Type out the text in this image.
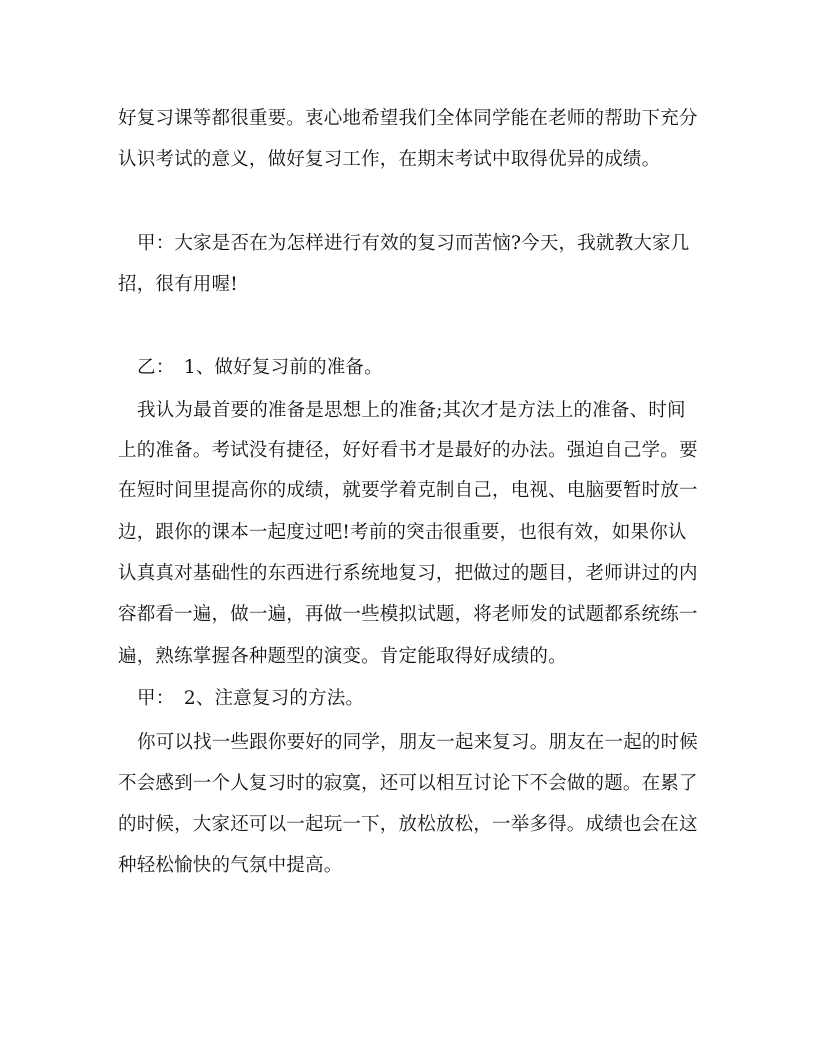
好复习课等都很重要。衷心地希望我们全体同学能在老师的帮助下充分
认识考试的意义，做好复习工作，在期末考试中取得优异的成绩。
甲：大家是否在为怎样进行有效的复习而苦恼?今天，我就教大家几
招，很有用喔!
乙：　1、做好复习前的准备。
我认为最首要的准备是思想上的准备;其次才是方法上的准备、时间
上的准备。考试没有捷径，好好看书才是最好的办法。强迫自己学。要
在短时间里提高你的成绩，就要学着克制自己，电视、电脑要暂时放一
边，跟你的课本一起度过吧!考前的突击很重要，也很有效，如果你认
认真真对基础性的东西进行系统地复习，把做过的题目，老师讲过的内
容都看一遍，做一遍，再做一些模拟试题，将老师发的试题都系统练一
遍，熟练掌握各种题型的演变。肯定能取得好成绩的。
甲：　2、注意复习的方法。
你可以找一些跟你要好的同学，朋友一起来复习。朋友在一起的时候
不会感到一个人复习时的寂寞，还可以相互讨论下不会做的题。在累了
的时候，大家还可以一起玩一下，放松放松，一举多得。成绩也会在这
种轻松愉快的气氛中提高。
